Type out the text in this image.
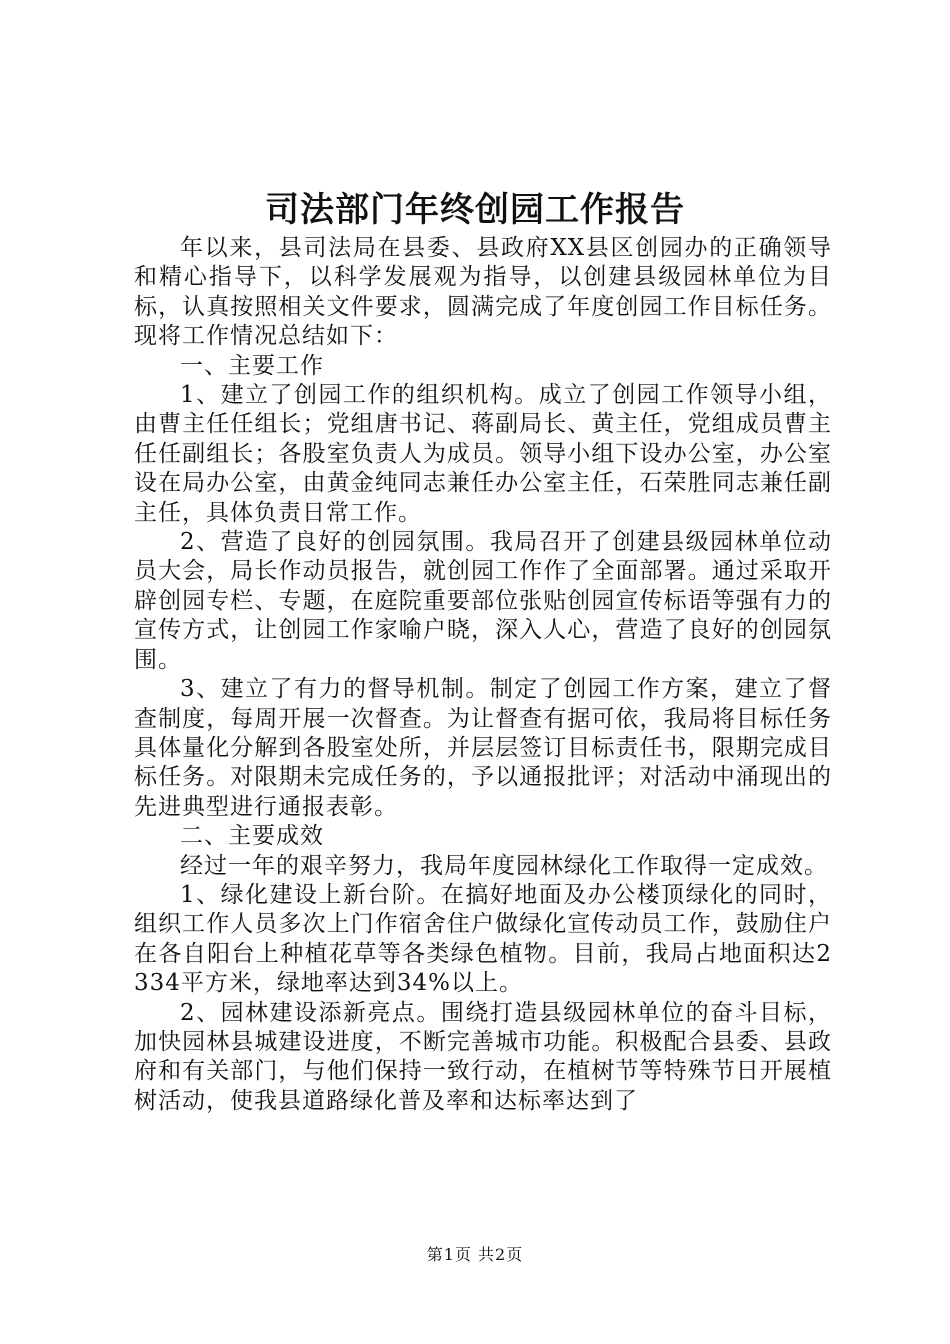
司法部门年终创园工作报告

年以来，县司法局在县委、县政府XX县区创园办的正确领导和精心指导下，以科学发展观为指导，以创建县级园林单位为目标，认真按照相关文件要求，圆满完成了年度创园工作目标任务。现将工作情况总结如下：

一、主要工作

1、建立了创园工作的组织机构。成立了创园工作领导小组，由曹主任任组长；党组唐书记、蒋副局长、黄主任，党组成员曹主任任副组长；各股室负责人为成员。领导小组下设办公室，办公室设在局办公室，由黄金纯同志兼任办公室主任，石荣胜同志兼任副主任，具体负责日常工作。

2、营造了良好的创园氛围。我局召开了创建县级园林单位动员大会，局长作动员报告，就创园工作作了全面部署。通过采取开辟创园专栏、专题，在庭院重要部位张贴创园宣传标语等强有力的宣传方式，让创园工作家喻户晓，深入人心，营造了良好的创园氛围。

3、建立了有力的督导机制。制定了创园工作方案，建立了督查制度，每周开展一次督查。为让督查有据可依，我局将目标任务具体量化分解到各股室处所，并层层签订目标责任书，限期完成目标任务。对限期未完成任务的，予以通报批评；对活动中涌现出的先进典型进行通报表彰。

二、主要成效

经过一年的艰辛努力，我局年度园林绿化工作取得一定成效。

1、绿化建设上新台阶。在搞好地面及办公楼顶绿化的同时，组织工作人员多次上门作宿舍住户做绿化宣传动员工作，鼓励住户在各自阳台上种植花草等各类绿色植物。目前，我局占地面积达2334平方米，绿地率达到34%以上。

2、园林建设添新亮点。围绕打造县级园林单位的奋斗目标，加快园林县城建设进度，不断完善城市功能。积极配合县委、县政府和有关部门，与他们保持一致行动，在植树节等特殊节日开展植树活动，使我县道路绿化普及率和达标率达到了

第1页 共2页
